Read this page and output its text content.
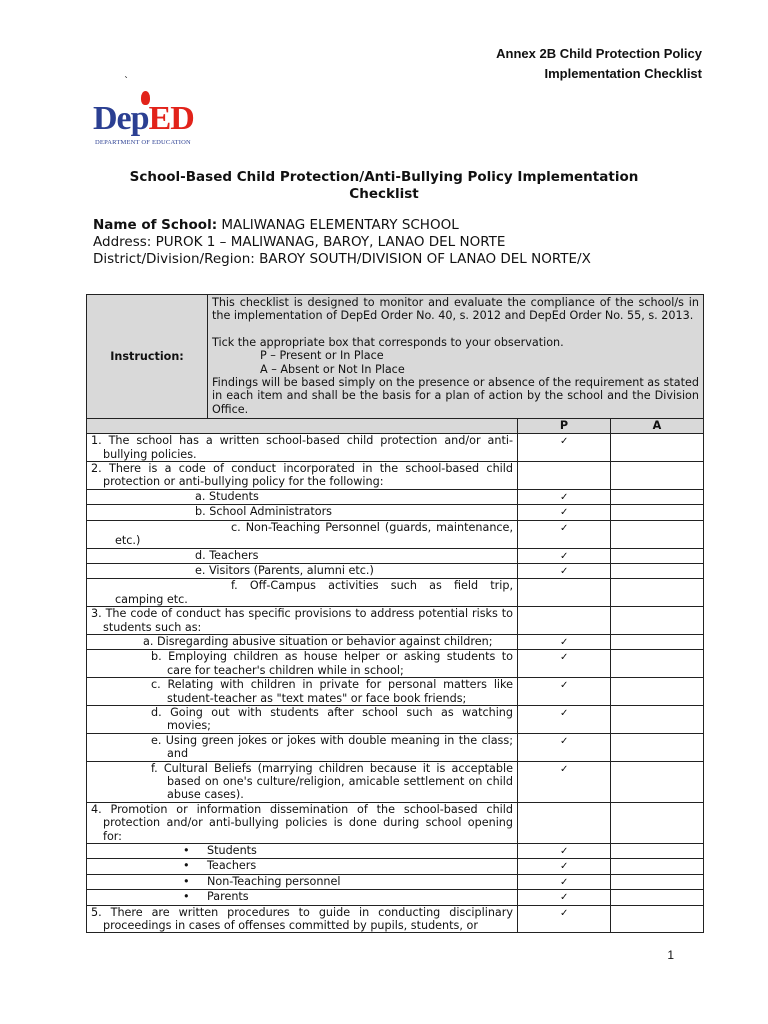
Annex 2B Child Protection Policy
Implementation Checklist
`
DepED
DEPARTMENT OF EDUCATION
School-Based Child Protection/Anti-Bullying Policy Implementation Checklist
Name of School: MALIWANAG ELEMENTARY SCHOOL
Address: PUROK 1 – MALIWANAG, BAROY, LANAO DEL NORTE
District/Division/Region: BAROY SOUTH/DIVISION OF LANAO DEL NORTE/X
Instruction:	This checklist is designed to monitor and evaluate the compliance of the school/s in the implementation of DepEd Order No. 40, s. 2012 and DepEd Order No. 55, s. 2013.
Tick the appropriate box that corresponds to your observation.
P – Present or In Place
A – Absent or Not In Place
Findings will be based simply on the presence or absence of the requirement as stated in each item and shall be the basis for a plan of action by the school and the Division Office.		

		P	A
1. The school has a written school-based child protection and/or anti-bullying policies.		✓	
2. There is a code of conduct incorporated in the school-based child protection or anti-bullying policy for the following:			
a. Students		✓	
b. School Administrators		✓	
c. Non-Teaching Personnel (guards, maintenance, etc.)		✓	
d. Teachers		✓	
e. Visitors (Parents, alumni etc.)		✓	
f. Off-Campus activities such as field trip, camping etc.			
3. The code of conduct has specific provisions to address potential risks to students such as:			
a. Disregarding abusive situation or behavior against children;		✓	
b. Employing children as house helper or asking students to care for teacher's children while in school;		✓	
c. Relating with children in private for personal matters like student-teacher as "text mates" or face book friends;		✓	
d. Going out with students after school such as watching movies;		✓	
e. Using green jokes or jokes with double meaning in the class; and		✓	
f. Cultural Beliefs (marrying children because it is acceptable based on one's culture/religion, amicable settlement on child abuse cases).		✓	
4. Promotion or information dissemination of the school-based child protection and/or anti-bullying policies is done during school opening for:			
• Students		✓	
• Teachers		✓	
• Non-Teaching personnel		✓	
• Parents		✓	
5. There are written procedures to guide in conducting disciplinary proceedings in cases of offenses committed by pupils, students, or		✓	
1
